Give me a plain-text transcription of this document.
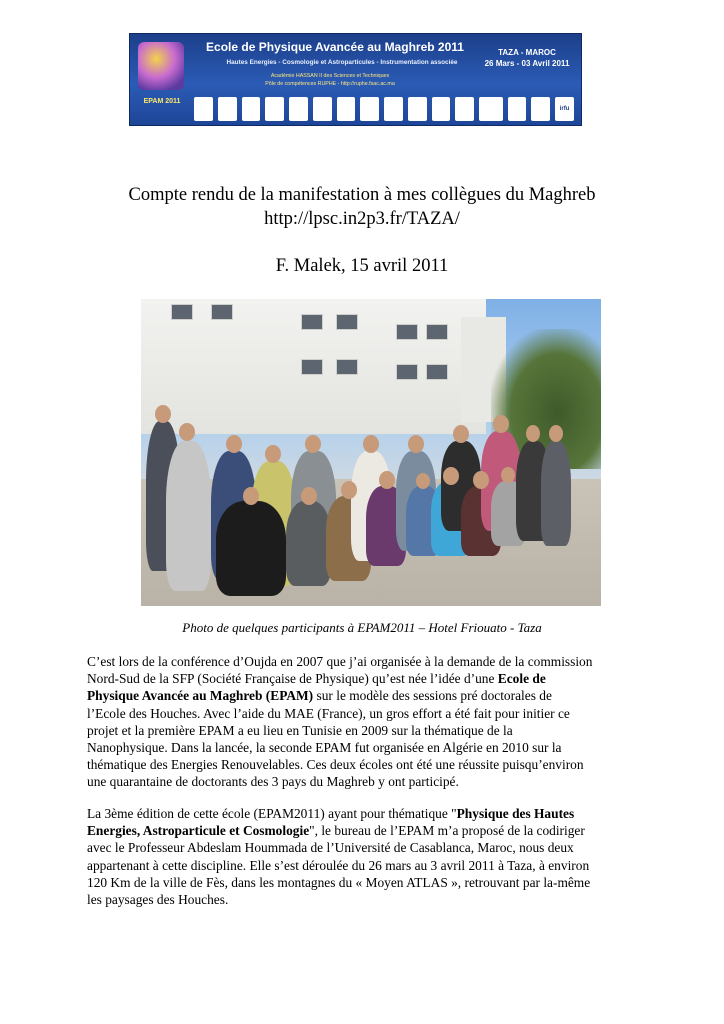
EPAM 2011
Ecole de Physique Avancée au Maghreb 2011
Hautes Energies - Cosmologie et Astroparticules - Instrumentation associée
Académie HASSAN II des Sciences et Techniques
Pôle de compétences RUPHE - http://ruphe.fsac.ac.ma
TAZA - MAROC
26 Mars - 03 Avril 2011
irfu
Compte rendu de la manifestation à mes collègues du Maghreb
http://lpsc.in2p3.fr/TAZA/
F. Malek, 15 avril 2011
Photo de quelques participants à EPAM2011 – Hotel Friouato - Taza
C’est lors de la conférence d’Oujda en 2007 que j’ai organisée à la demande de la commission
Nord-Sud de la SFP (Société Française de Physique) qu’est née l’idée d’une Ecole de
Physique Avancée au Maghreb (EPAM) sur le modèle des sessions pré doctorales de
l’Ecole des Houches. Avec l’aide du MAE (France), un gros effort a été fait pour initier ce
projet et la première EPAM a eu lieu en Tunisie en 2009 sur la thématique de la
Nanophysique. Dans la lancée, la seconde EPAM fut organisée en Algérie en 2010 sur la
thématique des Energies Renouvelables. Ces deux écoles ont été une réussite puisqu’environ
une quarantaine de doctorants des 3 pays du Maghreb y ont participé.
La 3ème édition de cette école (EPAM2011) ayant pour thématique "Physique des Hautes
Energies, Astroparticule et Cosmologie", le bureau de l’EPAM m’a proposé de la codiriger
avec le Professeur Abdeslam Hoummada de l’Université de Casablanca, Maroc, nous deux
appartenant à cette discipline. Elle s’est déroulée du 26 mars au 3 avril 2011 à Taza, à environ
120 Km de la ville de Fès, dans les montagnes du « Moyen ATLAS », retrouvant par la-même
les paysages des Houches.
